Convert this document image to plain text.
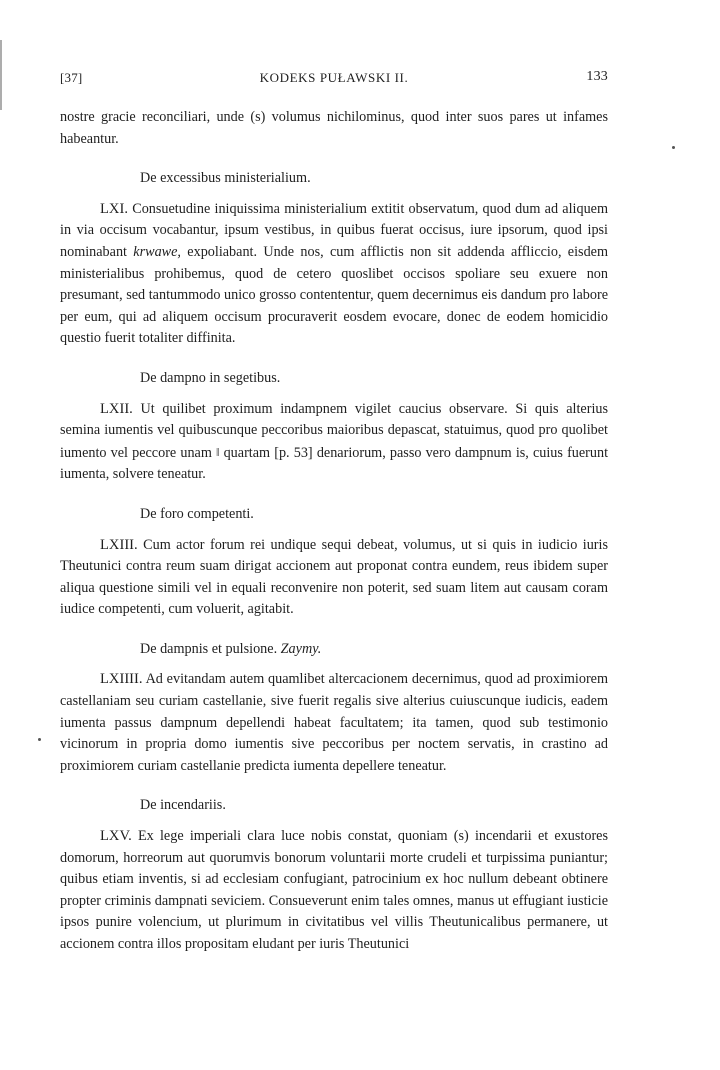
[37]	KODEKS PUŁAWSKI II.	133

nostre gracie reconciliari, unde (s) volumus nichilominus, quod inter suos pares ut infames habeantur.

De excessibus ministerialium.

LXI. Consuetudine iniquissima ministerialium extitit observatum, quod dum ad aliquem in via occisum vocabantur, ipsum vestibus, in quibus fuerat occisus, iure ipsorum, quod ipsi nominabant krwawe, expoliabant. Unde nos, cum afflictis non sit addenda affliccio, eisdem ministerialibus prohibemus, quod de cetero quoslibet occisos spoliare seu exuere non presumant, sed tantummodo unico grosso contententur, quem decernimus eis dandum pro labore per eum, qui ad aliquem occisum procuraverit eosdem evocare, donec de eodem homicidio questio fuerit totaliter diffinita.

De dampno in segetibus.

LXII. Ut quilibet proximum indampnem vigilet caucius observare. Si quis alterius semina iumentis vel quibuscunque peccoribus maioribus depascat, statuimus, quod pro quolibet iumento vel peccore unam ‖ quartam [p. 53] denariorum, passo vero dampnum is, cuius fuerunt iumenta, solvere teneatur.

De foro competenti.

LXIII. Cum actor forum rei undique sequi debeat, volumus, ut si quis in iudicio iuris Theutunici contra reum suam dirigat accionem aut proponat contra eundem, reus ibidem super aliqua questione simili vel in equali reconvenire non poterit, sed suam litem aut causam coram iudice competenti, cum voluerit, agitabit.

De dampnis et pulsione. Zaymy.

LXIIII. Ad evitandam autem quamlibet altercacionem decernimus, quod ad proximiorem castellaniam seu curiam castellanie, sive fuerit regalis sive alterius cuiuscunque iudicis, eadem iumenta passus dampnum depellendi habeat facultatem; ita tamen, quod sub testimonio vicinorum in propria domo iumentis sive peccoribus per noctem servatis, in crastino ad proximiorem curiam castellanie predicta iumenta depellere teneatur.

De incendariis.

LXV. Ex lege imperiali clara luce nobis constat, quoniam (s) incendarii et exustores domorum, horreorum aut quorumvis bonorum voluntarii morte crudeli et turpissima puniantur; quibus etiam inventis, si ad ecclesiam confugiant, patrocinium ex hoc nullum debeant obtinere propter criminis dampnati seviciem. Consueverunt enim tales omnes, manus ut effugiant iusticie ipsos punire volencium, ut plurimum in civitatibus vel villis Theutunicalibus permanere, ut accionem contra illos propositam eludant per iuris Theutunici
